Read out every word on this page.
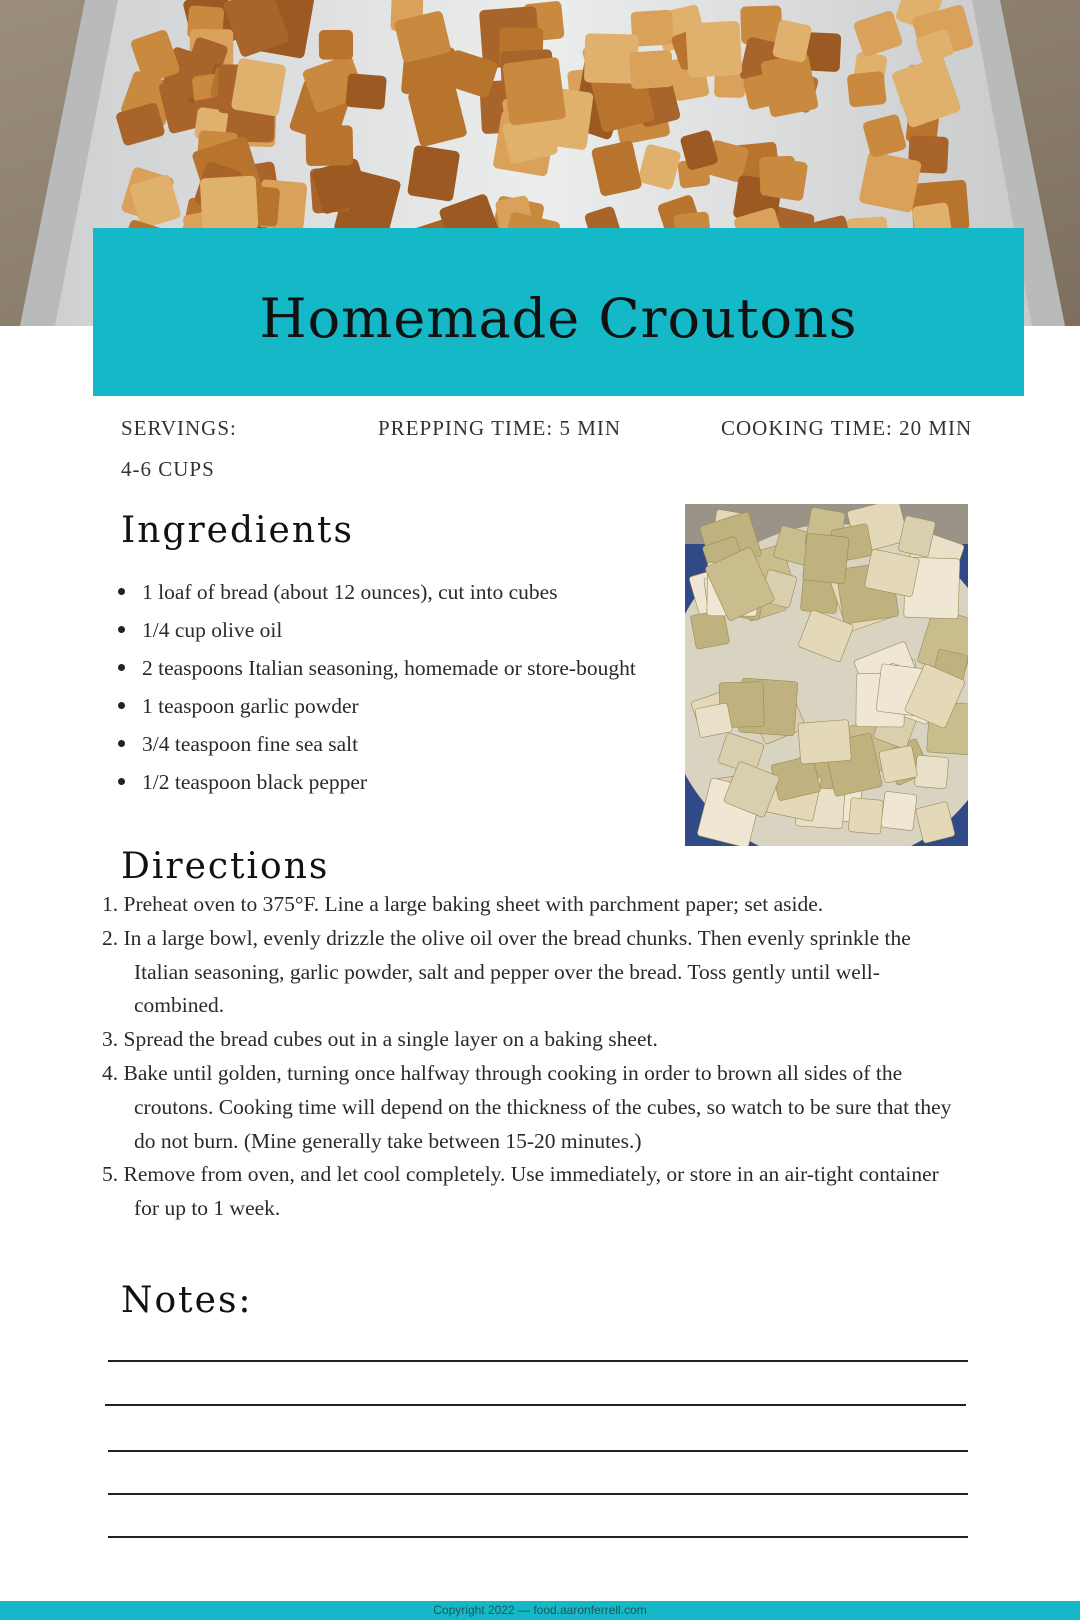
Homemade Croutons
SERVINGS:
4-6 CUPS
PREPPING TIME: 5 MIN	COOKING TIME: 20 MIN
Ingredients
1 loaf of bread (about 12 ounces), cut into cubes
1/4 cup olive oil
2 teaspoons Italian seasoning, homemade or store-bought
1 teaspoon garlic powder
3/4 teaspoon fine sea salt
1/2 teaspoon black pepper
Directions
1. Preheat oven to 375°F. Line a large baking sheet with parchment paper; set aside.
2. In a large bowl, evenly drizzle the olive oil over the bread chunks. Then evenly sprinkle the Italian seasoning, garlic powder, salt and pepper over the bread. Toss gently until well-combined.
3. Spread the bread cubes out in a single layer on a baking sheet.
4. Bake until golden, turning once halfway through cooking in order to brown all sides of the croutons. Cooking time will depend on the thickness of the cubes, so watch to be sure that they do not burn. (Mine generally take between 15-20 minutes.)
5. Remove from oven, and let cool completely. Use immediately, or store in an air-tight container for up to 1 week.
Notes:
Copyright 2022 — food.aaronferrell.com
